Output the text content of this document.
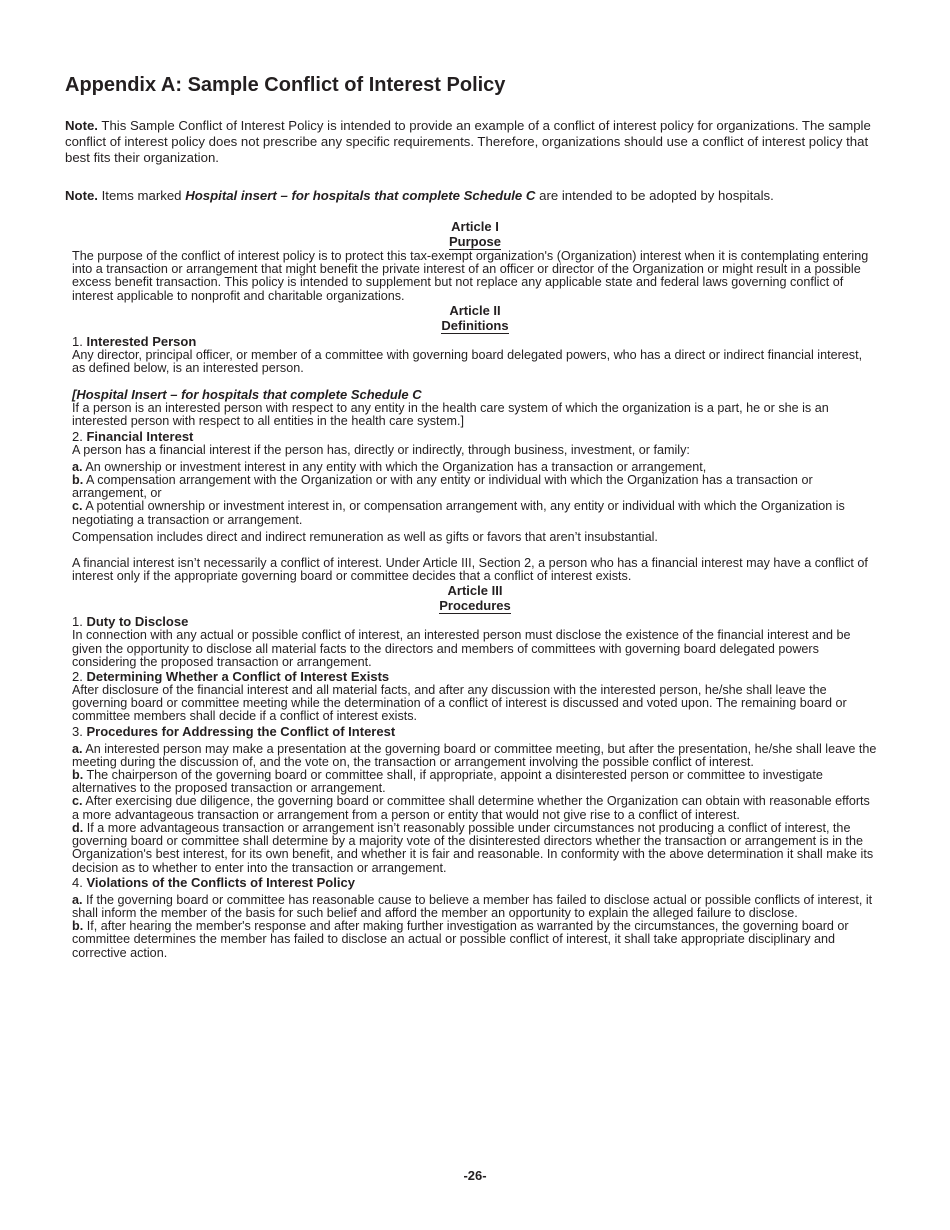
Appendix A: Sample Conflict of Interest Policy

Note. This Sample Conflict of Interest Policy is intended to provide an example of a conflict of interest policy for organizations. The sample conflict of interest policy does not prescribe any specific requirements. Therefore, organizations should use a conflict of interest policy that best fits their organization.

Note. Items marked Hospital insert – for hospitals that complete Schedule C are intended to be adopted by hospitals.

Article I
Purpose

The purpose of the conflict of interest policy is to protect this tax-exempt organization's (Organization) interest when it is contemplating entering into a transaction or arrangement that might benefit the private interest of an officer or director of the Organization or might result in a possible excess benefit transaction. This policy is intended to supplement but not replace any applicable state and federal laws governing conflict of interest applicable to nonprofit and charitable organizations.

Article II
Definitions

1. Interested Person

Any director, principal officer, or member of a committee with governing board delegated powers, who has a direct or indirect financial interest, as defined below, is an interested person.

[Hospital Insert – for hospitals that complete Schedule C

If a person is an interested person with respect to any entity in the health care system of which the organization is a part, he or she is an interested person with respect to all entities in the health care system.]

2. Financial Interest

A person has a financial interest if the person has, directly or indirectly, through business, investment, or family:

a. An ownership or investment interest in any entity with which the Organization has a transaction or arrangement,

b. A compensation arrangement with the Organization or with any entity or individual with which the Organization has a transaction or arrangement, or

c. A potential ownership or investment interest in, or compensation arrangement with, any entity or individual with which the Organization is negotiating a transaction or arrangement.

Compensation includes direct and indirect remuneration as well as gifts or favors that aren’t insubstantial.

A financial interest isn’t necessarily a conflict of interest. Under Article III, Section 2, a person who has a financial interest may have a conflict of interest only if the appropriate governing board or committee decides that a conflict of interest exists.

Article III
Procedures

1. Duty to Disclose

In connection with any actual or possible conflict of interest, an interested person must disclose the existence of the financial interest and be given the opportunity to disclose all material facts to the directors and members of committees with governing board delegated powers considering the proposed transaction or arrangement.

2. Determining Whether a Conflict of Interest Exists

After disclosure of the financial interest and all material facts, and after any discussion with the interested person, he/she shall leave the governing board or committee meeting while the determination of a conflict of interest is discussed and voted upon. The remaining board or committee members shall decide if a conflict of interest exists.

3. Procedures for Addressing the Conflict of Interest

a. An interested person may make a presentation at the governing board or committee meeting, but after the presentation, he/she shall leave the meeting during the discussion of, and the vote on, the transaction or arrangement involving the possible conflict of interest.

b. The chairperson of the governing board or committee shall, if appropriate, appoint a disinterested person or committee to investigate alternatives to the proposed transaction or arrangement.

c. After exercising due diligence, the governing board or committee shall determine whether the Organization can obtain with reasonable efforts a more advantageous transaction or arrangement from a person or entity that would not give rise to a conflict of interest.

d. If a more advantageous transaction or arrangement isn’t reasonably possible under circumstances not producing a conflict of interest, the governing board or committee shall determine by a majority vote of the disinterested directors whether the transaction or arrangement is in the Organization's best interest, for its own benefit, and whether it is fair and reasonable. In conformity with the above determination it shall make its decision as to whether to enter into the transaction or arrangement.

4. Violations of the Conflicts of Interest Policy

a. If the governing board or committee has reasonable cause to believe a member has failed to disclose actual or possible conflicts of interest, it shall inform the member of the basis for such belief and afford the member an opportunity to explain the alleged failure to disclose.

b. If, after hearing the member's response and after making further investigation as warranted by the circumstances, the governing board or committee determines the member has failed to disclose an actual or possible conflict of interest, it shall take appropriate disciplinary and corrective action.

-26-
